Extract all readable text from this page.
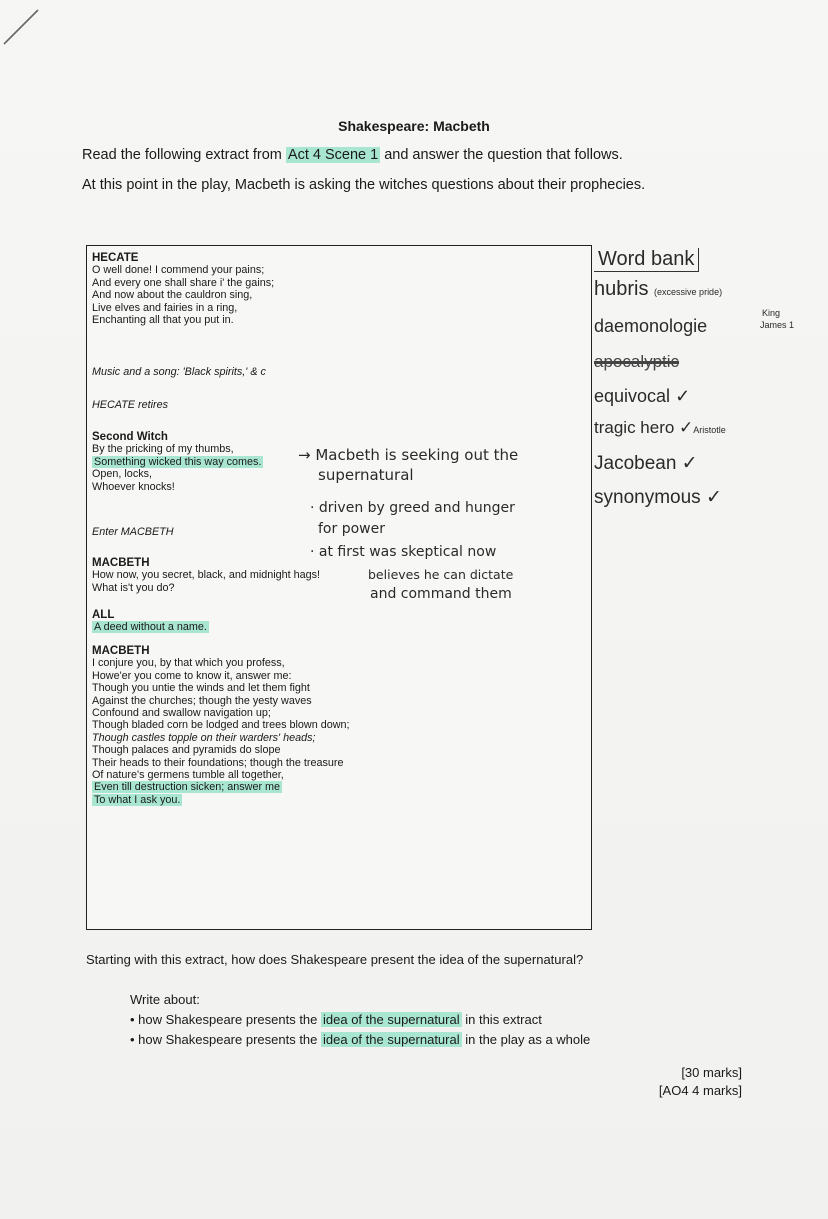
Shakespeare: Macbeth
Read the following extract from Act 4 Scene 1 and answer the question that follows.
At this point in the play, Macbeth is asking the witches questions about their prophecies.
HECATE
O well done! I commend your pains;
And every one shall share i' the gains;
And now about the cauldron sing,
Live elves and fairies in a ring,
Enchanting all that you put in.
Music and a song: 'Black spirits,' & c
HECATE retires
Second Witch
By the pricking of my thumbs,
Something wicked this way comes.
Open, locks,
Whoever knocks!
Enter MACBETH
MACBETH
How now, you secret, black, and midnight hags!
What is't you do?
ALL
A deed without a name.
MACBETH
I conjure you, by that which you profess,
Howe'er you come to know it, answer me:
Though you untie the winds and let them fight
Against the churches; though the yesty waves
Confound and swallow navigation up;
Though bladed corn be lodged and trees blown down;
Though castles topple on their warders' heads;
Though palaces and pyramids do slope
Their heads to their foundations; though the treasure
Of nature's germens tumble all together,
Even till destruction sicken; answer me
To what I ask you.
→ Macbeth is seeking out the
supernatural
· driven by greed and hunger
for power
· at first was skeptical now
believes he can dictate
and command them
Word bank
hubris (excessive pride)
daemonologie
King
James 1
apocalyptic
equivocal ✓
tragic hero ✓Aristotle
Jacobean ✓
synonymous ✓
Starting with this extract, how does Shakespeare present the idea of the supernatural?
Write about:
• how Shakespeare presents the idea of the supernatural in this extract
• how Shakespeare presents the idea of the supernatural in the play as a whole
[30 marks]
[AO4 4 marks]
